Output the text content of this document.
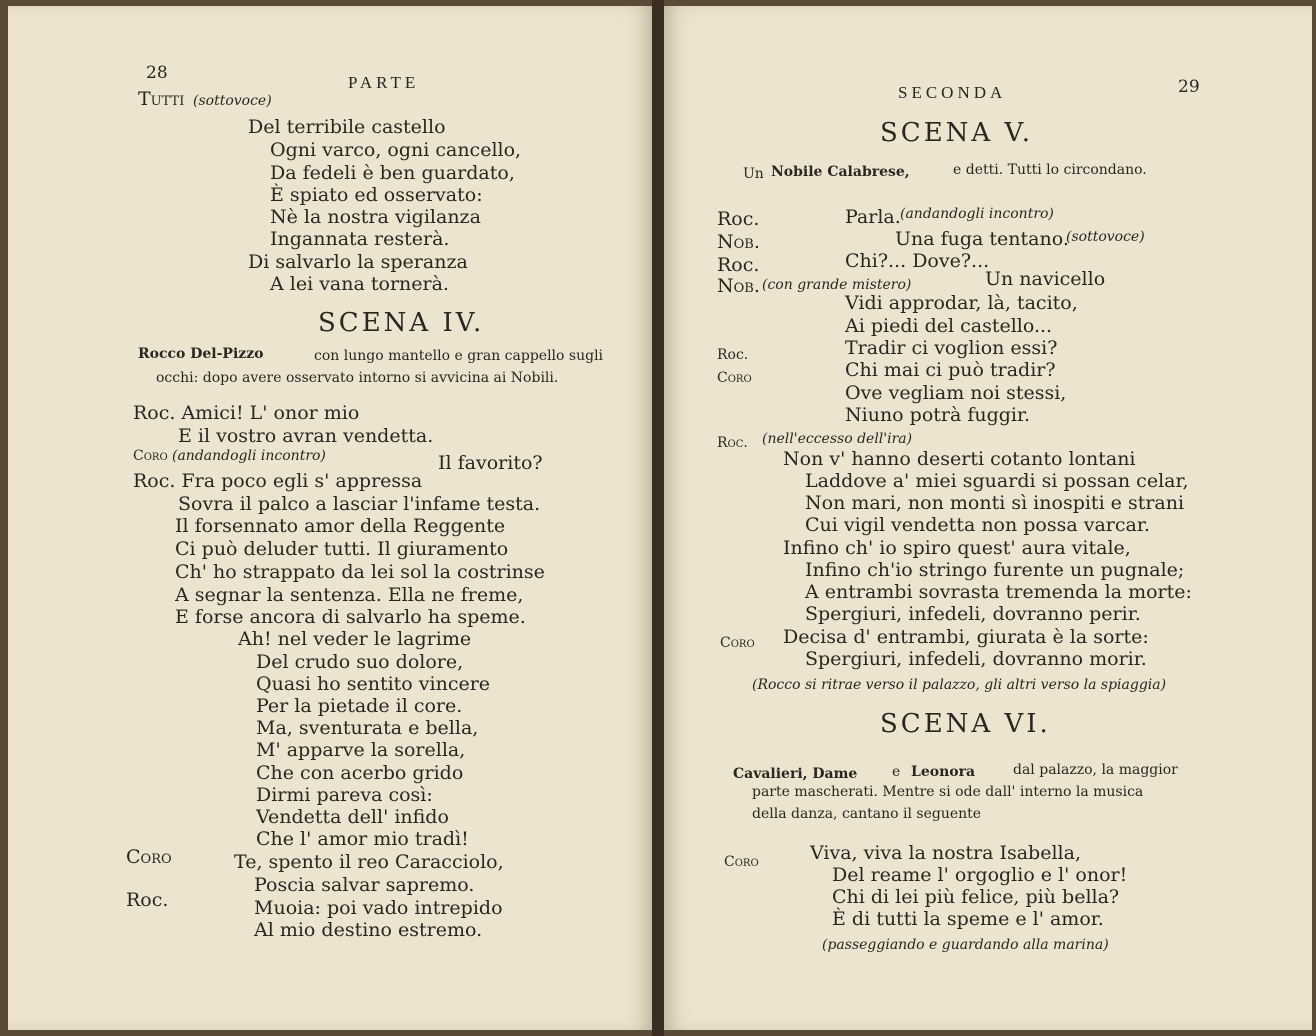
28	PARTE
Tutti (sottovoce)
Del terribile castello
Ogni varco, ogni cancello,
Da fedeli è ben guardato,
È spiato ed osservato:
Nè la nostra vigilanza
Ingannata resterà.
Di salvarlo la speranza
A lei vana tornerà.
SCENA IV.
Rocco Del-Pizzo	con lungo mantello e gran cappello sugli
occhi: dopo avere osservato intorno si avvicina ai Nobili.
Roc. Amici! L' onor mio
E il vostro avran vendetta.
Coro (andandogli incontro)	Il favorito?
Roc. Fra poco egli s' appressa
Sovra il palco a lasciar l'infame testa.
Il forsennato amor della Reggente
Ci può deluder tutti. Il giuramento
Ch' ho strappato da lei sol la costrinse
A segnar la sentenza. Ella ne freme,
E forse ancora di salvarlo ha speme.
Ah! nel veder le lagrime
Del crudo suo dolore,
Quasi ho sentito vincere
Per la pietade il core.
Ma, sventurata e bella,
M' apparve la sorella,
Che con acerbo grido
Dirmi pareva così:
Vendetta dell' infido
Che l' amor mio tradì!
Coro	Te, spento il reo Caracciolo,
Poscia salvar sapremo.
Roc.	Muoia: poi vado intrepido
Al mio destino estremo.
SECONDA	29
SCENA V.
Un Nobile Calabrese,	e detti. Tutti lo circondano.
Roc.	Parla. (andandogli incontro)
Nob.	Una fuga tentano.
(sottovoce)
Roc.	Chi?... Dove?...
Nob. (con grande mistero)	Un navicello
Vidi approdar, là, tacito,
Ai piedi del castello...
Roc.	Tradir ci voglion essi?
Coro	Chi mai ci può tradir?
Ove vegliam noi stessi,
Niuno potrà fuggir.
Roc. (nell'eccesso dell'ira)
Non v' hanno deserti cotanto lontani
Laddove a' miei sguardi si possan celar,
Non mari, non monti sì inospiti e strani
Cui vigil vendetta non possa varcar.
Infino ch' io spiro quest' aura vitale,
Infino ch'io stringo furente un pugnale;
A entrambi sovrasta tremenda la morte:
Spergiuri, infedeli, dovranno perir.
Coro Decisa d' entrambi, giurata è la sorte:
Spergiuri, infedeli, dovranno morir.
(Rocco si ritrae verso il palazzo, gli altri verso la spiaggia)
SCENA VI.
Cavalieri, Dame e Leonora	dal palazzo, la maggior
parte mascherati. Mentre si ode dall' interno la musica
della danza, cantano il seguente
Coro	Viva, viva la nostra Isabella,
Del reame l' orgoglio e l' onor!
Chi di lei più felice, più bella?
È di tutti la speme e l' amor.
(passeggiando e guardando alla marina)
